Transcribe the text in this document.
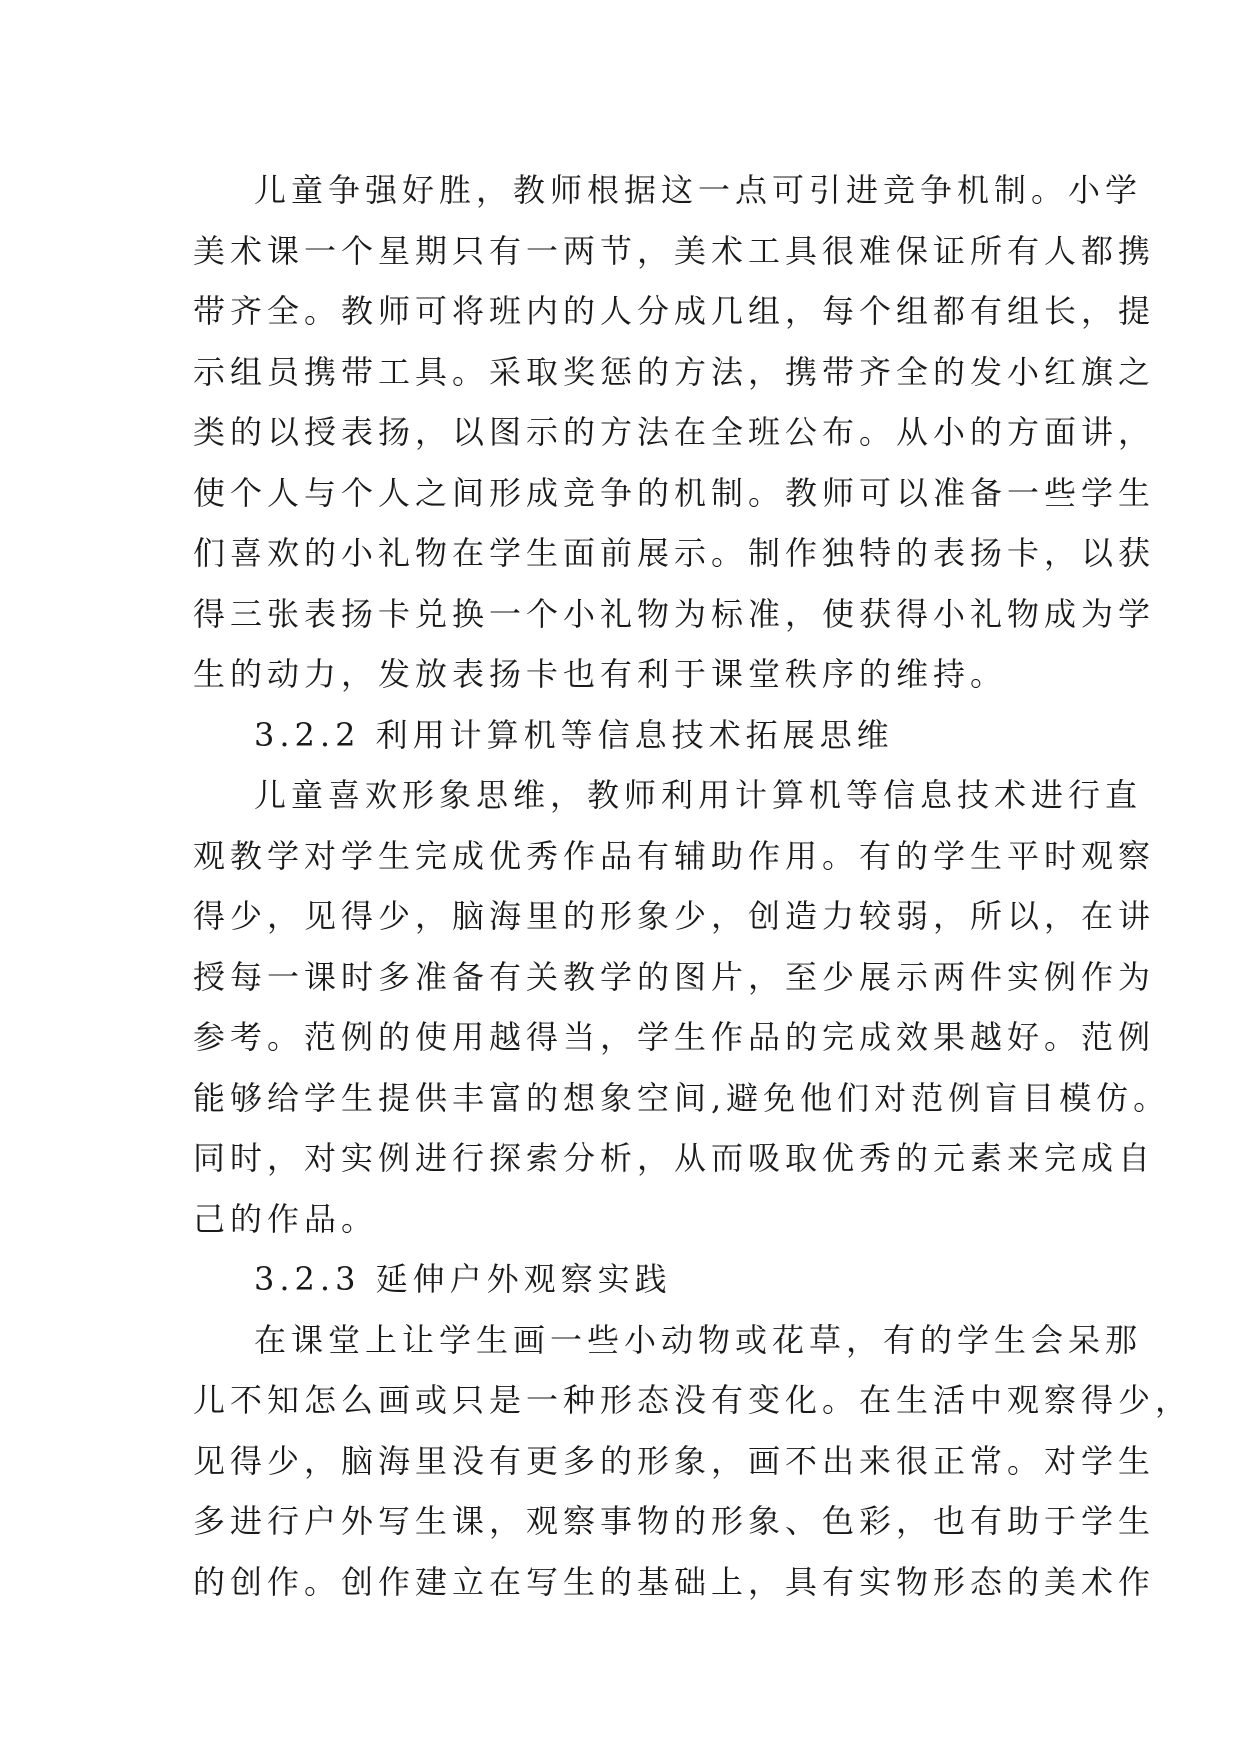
儿童争强好胜，教师根据这一点可引进竞争机制。小学
美术课一个星期只有一两节，美术工具很难保证所有人都携
带齐全。教师可将班内的人分成几组，每个组都有组长，提
示组员携带工具。采取奖惩的方法，携带齐全的发小红旗之
类的以授表扬，以图示的方法在全班公布。从小的方面讲，
使个人与个人之间形成竞争的机制。教师可以准备一些学生
们喜欢的小礼物在学生面前展示。制作独特的表扬卡，以获
得三张表扬卡兑换一个小礼物为标准，使获得小礼物成为学
生的动力，发放表扬卡也有利于课堂秩序的维持。
3.2.2 利用计算机等信息技术拓展思维
儿童喜欢形象思维，教师利用计算机等信息技术进行直
观教学对学生完成优秀作品有辅助作用。有的学生平时观察
得少，见得少，脑海里的形象少，创造力较弱，所以，在讲
授每一课时多准备有关教学的图片，至少展示两件实例作为
参考。范例的使用越得当，学生作品的完成效果越好。范例
能够给学生提供丰富的想象空间,避免他们对范例盲目模仿。
同时，对实例进行探索分析，从而吸取优秀的元素来完成自
己的作品。
3.2.3 延伸户外观察实践
在课堂上让学生画一些小动物或花草，有的学生会呆那
儿不知怎么画或只是一种形态没有变化。在生活中观察得少，
见得少，脑海里没有更多的形象，画不出来很正常。对学生
多进行户外写生课，观察事物的形象、色彩，也有助于学生
的创作。创作建立在写生的基础上，具有实物形态的美术作
